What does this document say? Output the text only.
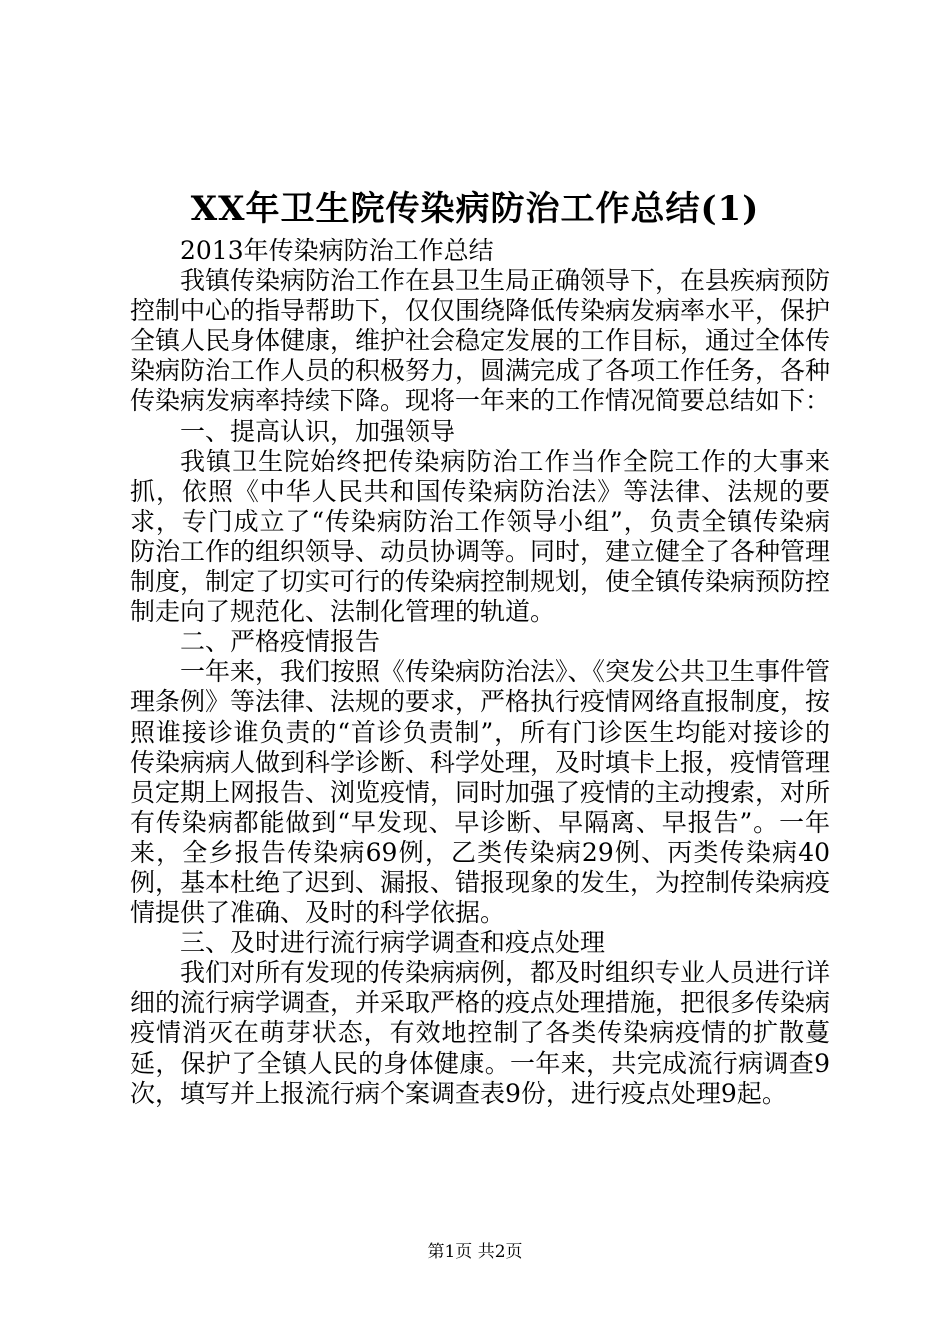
XX年卫生院传染病防治工作总结(1)

2013年传染病防治工作总结

我镇传染病防治工作在县卫生局正确领导下，在县疾病预防控制中心的指导帮助下，仅仅围绕降低传染病发病率水平，保护全镇人民身体健康，维护社会稳定发展的工作目标，通过全体传染病防治工作人员的积极努力，圆满完成了各项工作任务，各种传染病发病率持续下降。现将一年来的工作情况简要总结如下：

一、提高认识，加强领导

我镇卫生院始终把传染病防治工作当作全院工作的大事来抓，依照《中华人民共和国传染病防治法》等法律、法规的要求，专门成立了“传染病防治工作领导小组”，负责全镇传染病防治工作的组织领导、动员协调等。同时，建立健全了各种管理制度，制定了切实可行的传染病控制规划，使全镇传染病预防控制走向了规范化、法制化管理的轨道。

二、严格疫情报告

一年来，我们按照《传染病防治法》、《突发公共卫生事件管理条例》等法律、法规的要求，严格执行疫情网络直报制度，按照谁接诊谁负责的“首诊负责制”，所有门诊医生均能对接诊的传染病病人做到科学诊断、科学处理，及时填卡上报，疫情管理员定期上网报告、浏览疫情，同时加强了疫情的主动搜索，对所有传染病都能做到“早发现、早诊断、早隔离、早报告”。一年来，全乡报告传染病69例，乙类传染病29例、丙类传染病40例，基本杜绝了迟到、漏报、错报现象的发生，为控制传染病疫情提供了准确、及时的科学依据。

三、及时进行流行病学调查和疫点处理

我们对所有发现的传染病病例，都及时组织专业人员进行详细的流行病学调查，并采取严格的疫点处理措施，把很多传染病疫情消灭在萌芽状态，有效地控制了各类传染病疫情的扩散蔓延，保护了全镇人民的身体健康。一年来，共完成流行病调查9次，填写并上报流行病个案调查表9份，进行疫点处理9起。

第1页 共2页
